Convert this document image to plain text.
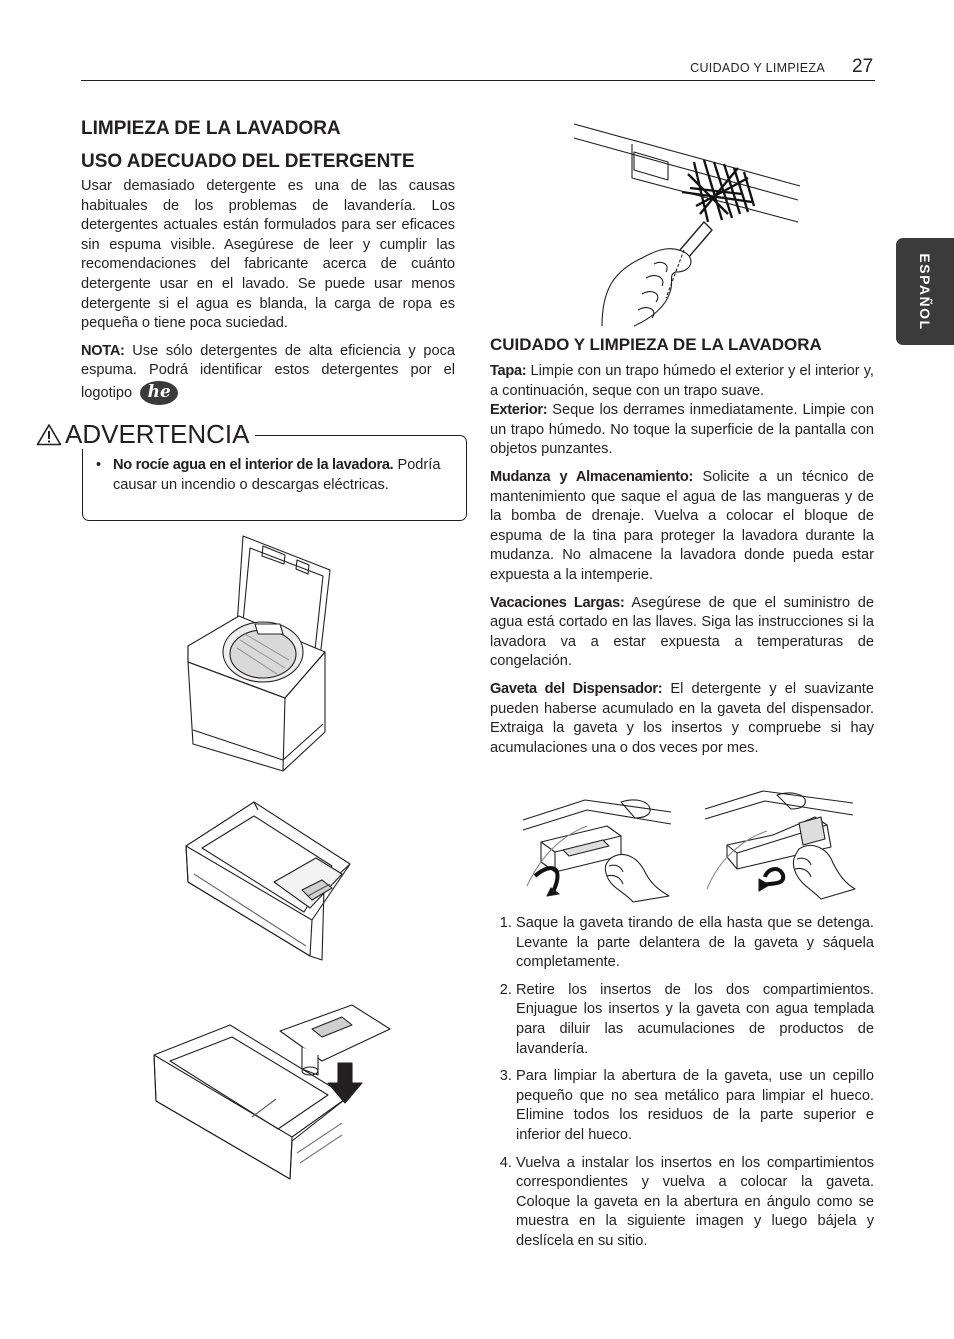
CUIDADO Y LIMPIEZA 27
ESPAÑOL
LIMPIEZA DE LA LAVADORA
USO ADECUADO DEL DETERGENTE

Usar demasiado detergente es una de las causas habituales de los problemas de lavandería. Los detergentes actuales están formulados para ser eficaces sin espuma visible. Asegúrese de leer y cumplir las recomendaciones del fabricante acerca de cuánto detergente usar en el lavado. Se puede usar menos detergente si el agua es blanda, la carga de ropa es pequeña o tiene poca suciedad.

NOTA: Use sólo detergentes de alta eficiencia y poca espuma. Podrá identificar estos detergentes por el logotipo he

ADVERTENCIA
• No rocíe agua en el interior de la lavadora. Podría causar un incendio o descargas eléctricas.
CUIDADO Y LIMPIEZA DE LA LAVADORA

Tapa: Limpie con un trapo húmedo el exterior y el interior y, a continuación, seque con un trapo suave.

Exterior: Seque los derrames inmediatamente. Limpie con un trapo húmedo. No toque la superficie de la pantalla con objetos punzantes.

Mudanza y Almacenamiento: Solicite a un técnico de mantenimiento que saque el agua de las mangueras y de la bomba de drenaje. Vuelva a colocar el bloque de espuma de la tina para proteger la lavadora durante la mudanza. No almacene la lavadora donde pueda estar expuesta a la intemperie.

Vacaciones Largas: Asegúrese de que el suministro de agua está cortado en las llaves. Siga las instrucciones si la lavadora va a estar expuesta a temperaturas de congelación.

Gaveta del Dispensador: El detergente y el suavizante pueden haberse acumulado en la gaveta del dispensador. Extraiga la gaveta y los insertos y compruebe si hay acumulaciones una o dos veces por mes.

1. Saque la gaveta tirando de ella hasta que se detenga. Levante la parte delantera de la gaveta y sáquela completamente.
2. Retire los insertos de los dos compartimientos. Enjuague los insertos y la gaveta con agua templada para diluir las acumulaciones de productos de lavandería.
3. Para limpiar la abertura de la gaveta, use un cepillo pequeño que no sea metálico para limpiar el hueco. Elimine todos los residuos de la parte superior e inferior del hueco.
4. Vuelva a instalar los insertos en los compartimientos correspondientes y vuelva a colocar la gaveta. Coloque la gaveta en la abertura en ángulo como se muestra en la siguiente imagen y luego bájela y deslícela en su sitio.
